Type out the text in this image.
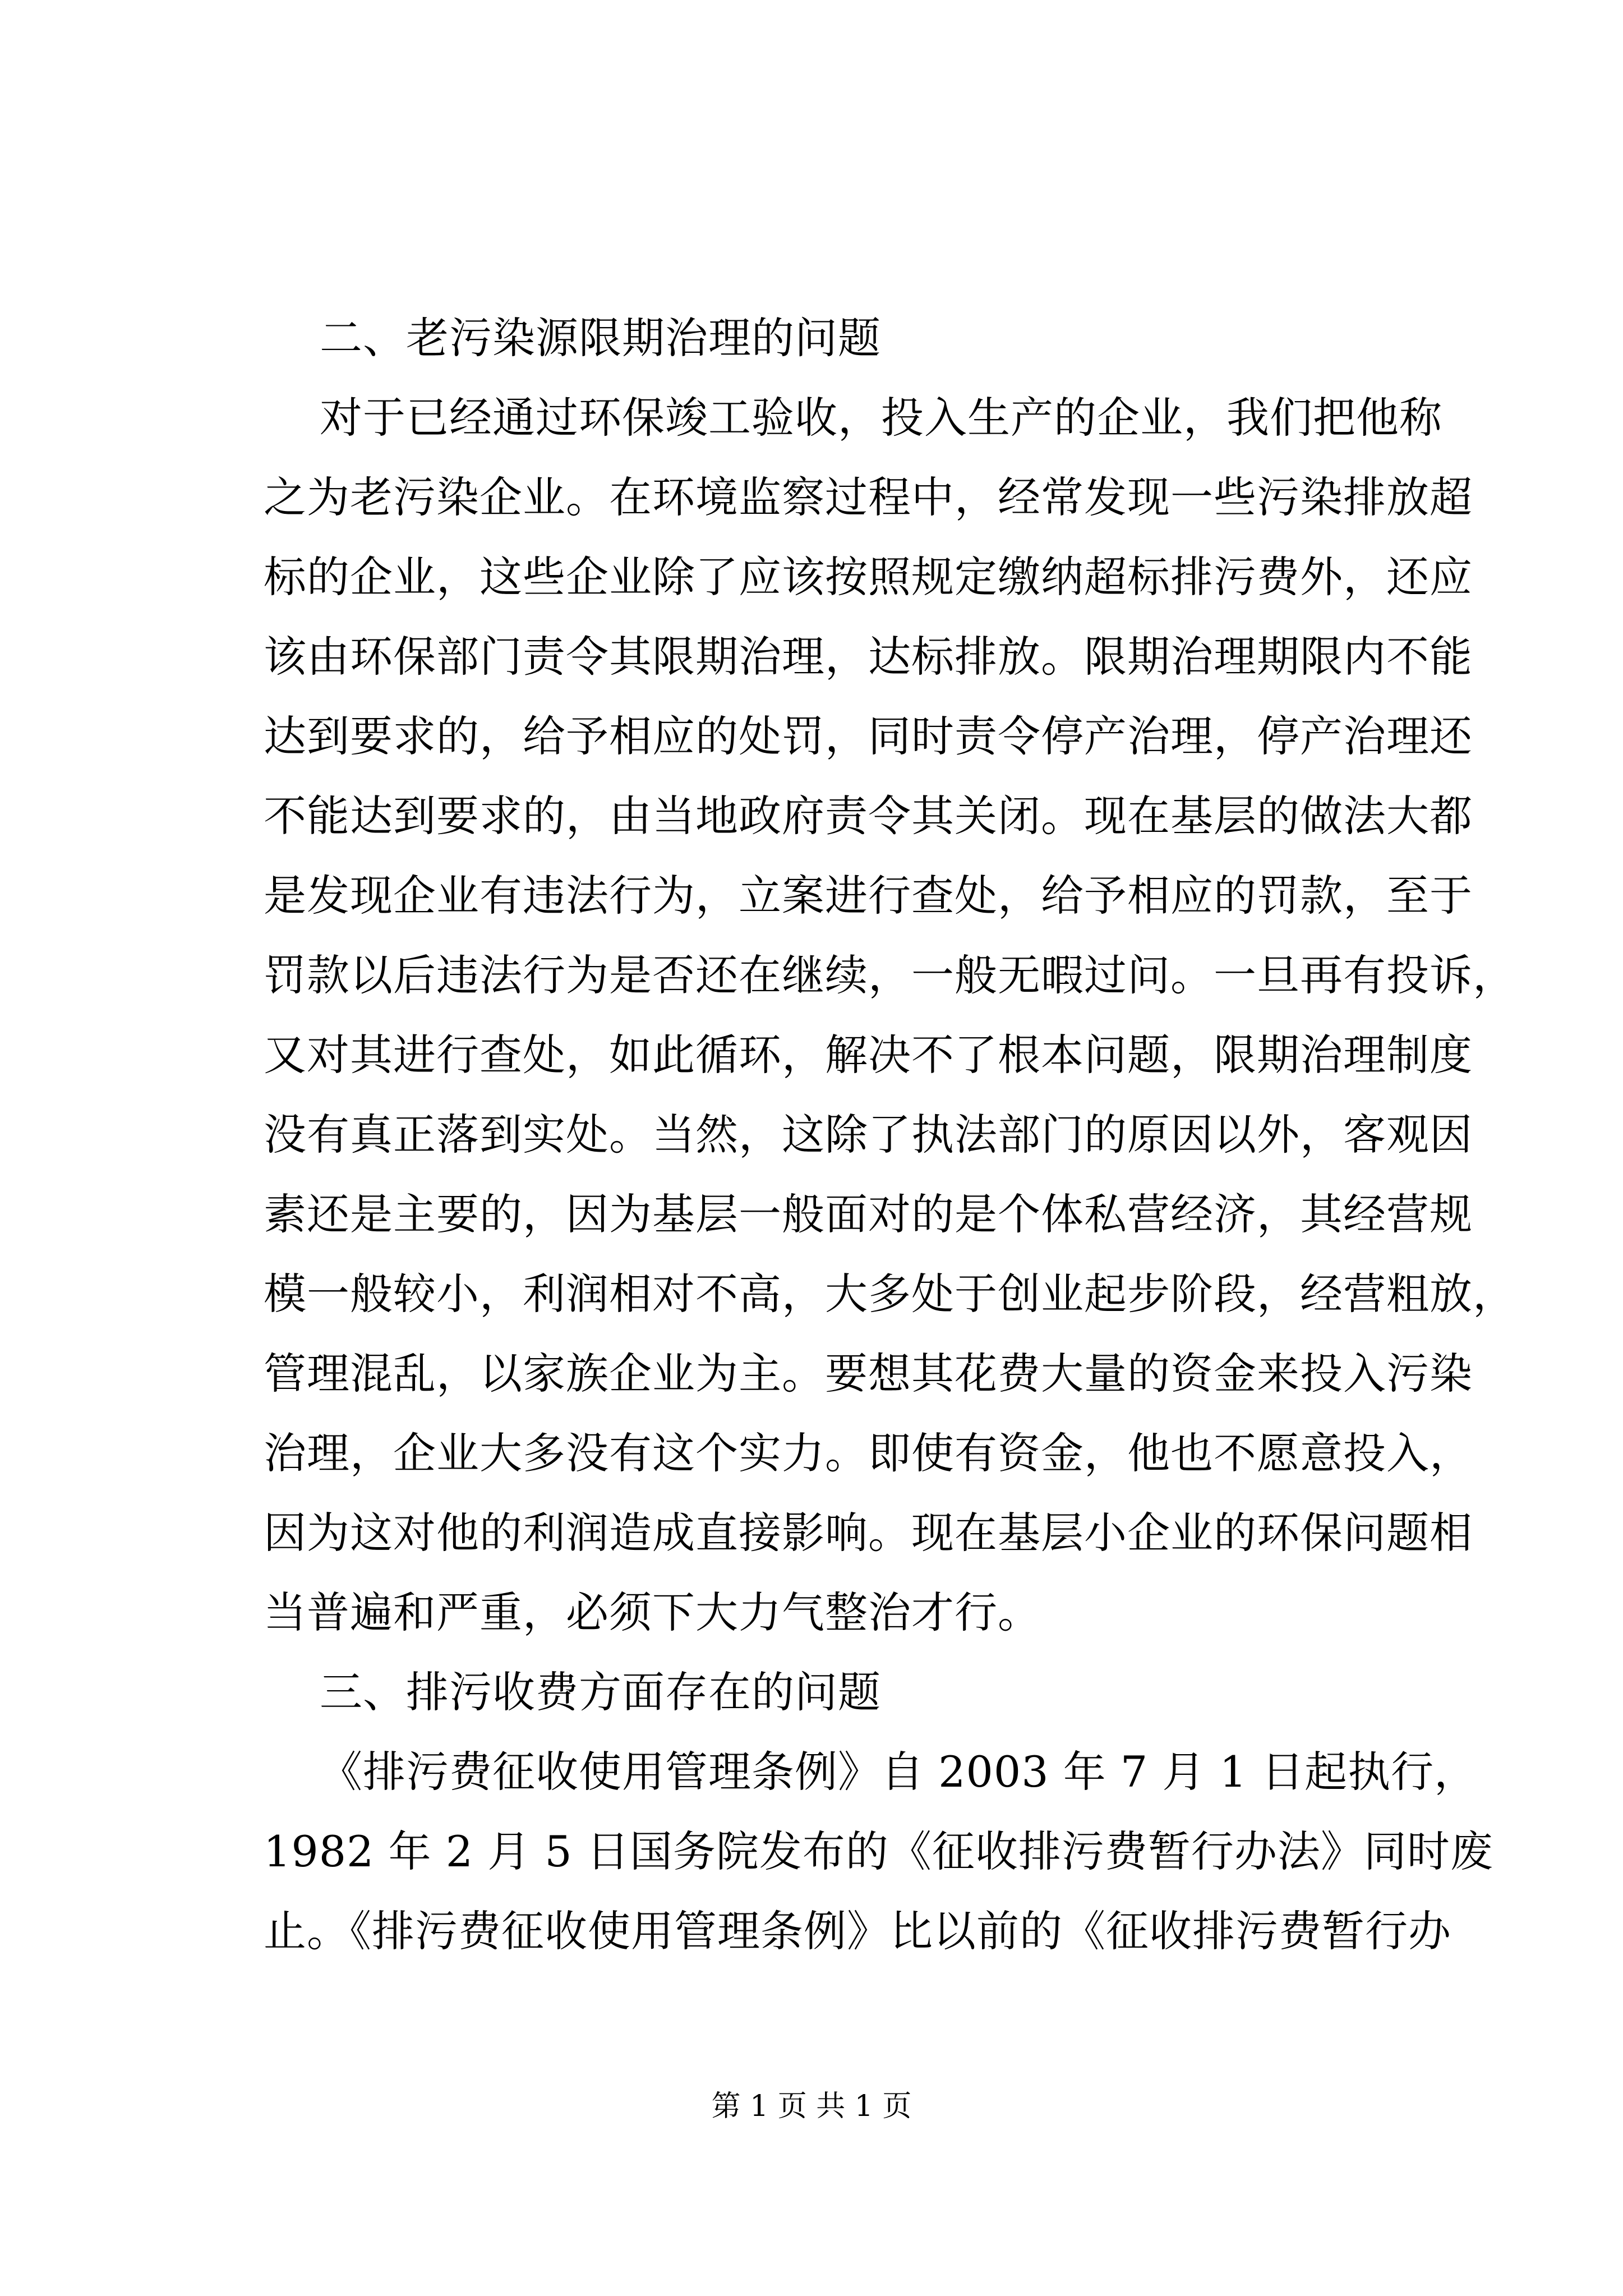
二、老污染源限期治理的问题
对于已经通过环保竣工验收，投入生产的企业，我们把他称
之为老污染企业。在环境监察过程中，经常发现一些污染排放超
标的企业，这些企业除了应该按照规定缴纳超标排污费外，还应
该由环保部门责令其限期治理，达标排放。限期治理期限内不能
达到要求的，给予相应的处罚，同时责令停产治理，停产治理还
不能达到要求的，由当地政府责令其关闭。现在基层的做法大都
是发现企业有违法行为，立案进行查处，给予相应的罚款，至于
罚款以后违法行为是否还在继续，一般无暇过问。一旦再有投诉，
又对其进行查处，如此循环，解决不了根本问题，限期治理制度
没有真正落到实处。当然，这除了执法部门的原因以外，客观因
素还是主要的，因为基层一般面对的是个体私营经济，其经营规
模一般较小，利润相对不高，大多处于创业起步阶段，经营粗放，
管理混乱，以家族企业为主。要想其花费大量的资金来投入污染
治理，企业大多没有这个实力。即使有资金，他也不愿意投入，
因为这对他的利润造成直接影响。现在基层小企业的环保问题相
当普遍和严重，必须下大力气整治才行。
三、排污收费方面存在的问题
《排污费征收使用管理条例》自 2003 年 7 月 1 日起执行，
1982 年 2 月 5 日国务院发布的《征收排污费暂行办法》同时废
止。《排污费征收使用管理条例》比以前的《征收排污费暂行办
第 1 页 共 1 页
